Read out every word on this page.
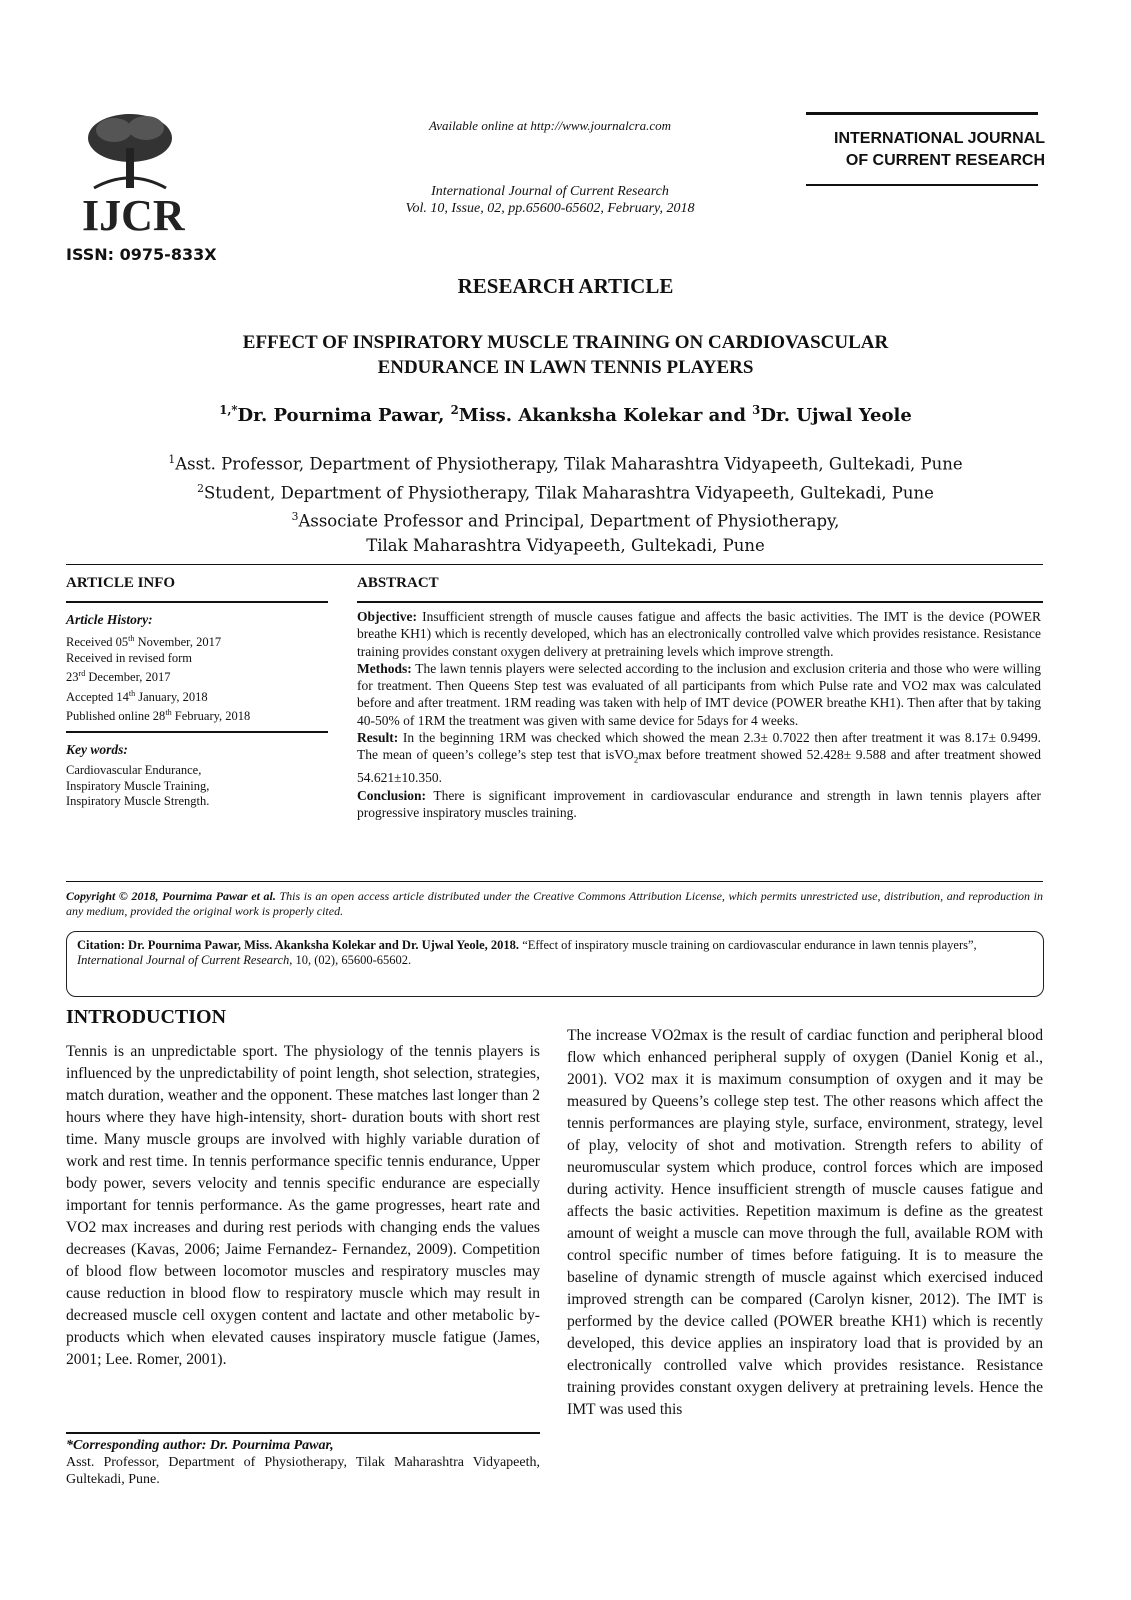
IJCR
Available online at http://www.journalcra.com
International Journal of Current Research
Vol. 10, Issue, 02, pp.65600-65602, February, 2018
INTERNATIONAL JOURNAL
OF CURRENT RESEARCH
ISSN: 0975-833X
RESEARCH ARTICLE
EFFECT OF INSPIRATORY MUSCLE TRAINING ON CARDIOVASCULAR
ENDURANCE IN LAWN TENNIS PLAYERS
$^{1,*}$Dr. Pournima Pawar, $^2$Miss. Akanksha Kolekar and $^3$Dr. Ujwal Yeole
$^1$Asst. Professor, Department of Physiotherapy, Tilak Maharashtra Vidyapeeth, Gultekadi, Pune
$^2$Student, Department of Physiotherapy, Tilak Maharashtra Vidyapeeth, Gultekadi, Pune
$^3$Associate Professor and Principal, Department of Physiotherapy,
Tilak Maharashtra Vidyapeeth, Gultekadi, Pune
ARTICLE INFO
Article History:
Received 05th November, 2017
Received in revised form
23rd December, 2017
Accepted 14th January, 2018
Published online 28th February, 2018
Key words:
Cardiovascular Endurance,
Inspiratory Muscle Training,
Inspiratory Muscle Strength.
ABSTRACT

Objective: Insufficient strength of muscle causes fatigue and affects the basic activities. The IMT is the device (POWER breathe KH1) which is recently developed, which has an electronically controlled valve which provides resistance. Resistance training provides constant oxygen delivery at pretraining levels which improve strength.

Methods: The lawn tennis players were selected according to the inclusion and exclusion criteria and those who were willing for treatment. Then Queens Step test was evaluated of all participants from which Pulse rate and VO2 max was calculated before and after treatment. 1RM reading was taken with help of IMT device (POWER breathe KH1). Then after that by taking 40-50% of 1RM the treatment was given with same device for 5days for 4 weeks.

Result: In the beginning 1RM was checked which showed the mean 2.3± 0.7022 then after treatment it was 8.17± 0.9499. The mean of queen’s college’s step test that isVO$_2$max before treatment showed 52.428± 9.588 and after treatment showed 54.621±10.350.

Conclusion: There is significant improvement in cardiovascular endurance and strength in lawn tennis players after progressive inspiratory muscles training.

Copyright © 2018, Pournima Pawar et al. This is an open access article distributed under the Creative Commons Attribution License, which permits unrestricted use, distribution, and reproduction in any medium, provided the original work is properly cited.
Citation: Dr. Pournima Pawar, Miss. Akanksha Kolekar and Dr. Ujwal Yeole, 2018. “Effect of inspiratory muscle training on cardiovascular endurance in lawn tennis players”, International Journal of Current Research, 10, (02), 65600-65602.
INTRODUCTION

Tennis is an unpredictable sport. The physiology of the tennis players is influenced by the unpredictability of point length, shot selection, strategies, match duration, weather and the opponent. These matches last longer than 2 hours where they have high-intensity, short- duration bouts with short rest time. Many muscle groups are involved with highly variable duration of work and rest time. In tennis performance specific tennis endurance, Upper body power, severs velocity and tennis specific endurance are especially important for tennis performance. As the game progresses, heart rate and VO2 max increases and during rest periods with changing ends the values decreases (Kavas, 2006; Jaime Fernandez- Fernandez, 2009). Competition of blood flow between locomotor muscles and respiratory muscles may cause reduction in blood flow to respiratory muscle which may result in decreased muscle cell oxygen content and lactate and other metabolic by-products which when elevated causes inspiratory muscle fatigue (James, 2001; Lee. Romer, 2001).

*Corresponding author: Dr. Pournima Pawar,
Asst. Professor, Department of Physiotherapy, Tilak Maharashtra Vidyapeeth, Gultekadi, Pune.

The increase VO2max is the result of cardiac function and peripheral blood flow which enhanced peripheral supply of oxygen (Daniel Konig et al., 2001). VO2 max it is maximum consumption of oxygen and it may be measured by Queens’s college step test. The other reasons which affect the tennis performances are playing style, surface, environment, strategy, level of play, velocity of shot and motivation. Strength refers to ability of neuromuscular system which produce, control forces which are imposed during activity. Hence insufficient strength of muscle causes fatigue and affects the basic activities. Repetition maximum is define as the greatest amount of weight a muscle can move through the full, available ROM with control specific number of times before fatiguing. It is to measure the baseline of dynamic strength of muscle against which exercised induced improved strength can be compared (Carolyn kisner, 2012). The IMT is performed by the device called (POWER breathe KH1) which is recently developed, this device applies an inspiratory load that is provided by an electronically controlled valve which provides resistance. Resistance training provides constant oxygen delivery at pretraining levels. Hence the IMT was used this
